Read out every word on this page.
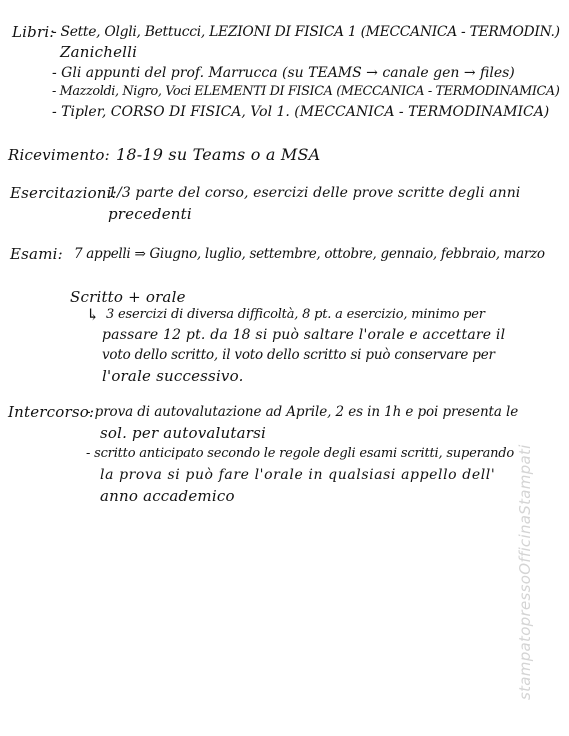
Libri:
- Sette, Olgli, Bettucci, LEZIONI DI FISICA 1 (MECCANICA - TERMODIN.)
Zanichelli
- Gli appunti del prof. Marrucca (su TEAMS → canale gen → files)
- Mazzoldi, Nigro, Voci ELEMENTI DI FISICA (MECCANICA - TERMODINAMICA)
- Tipler, CORSO DI FISICA, Vol 1. (MECCANICA - TERMODINAMICA)
Ricevimento: 18-19 su Teams o a MSA
Esercitazioni:
1/3 parte del corso, esercizi delle prove scritte degli anni
precedenti
Esami: 7 appelli ⇒ Giugno, luglio, settembre, ottobre, gennaio, febbraio, marzo
Scritto + orale
↳ 3 esercizi di diversa difficoltà, 8 pt. a esercizio, minimo per
passare 12 pt. da 18 si può saltare l'orale e accettare il
voto dello scritto, il voto dello scritto si può conservare per
l'orale successivo.
Intercorso:
- prova di autovalutazione ad Aprile, 2 es in 1h e poi presenta le
sol. per autovalutarsi
- scritto anticipato secondo le regole degli esami scritti, superando
la prova si può fare l'orale in qualsiasi appello dell'
anno accademico	stampatopressoOfficinaStampati
